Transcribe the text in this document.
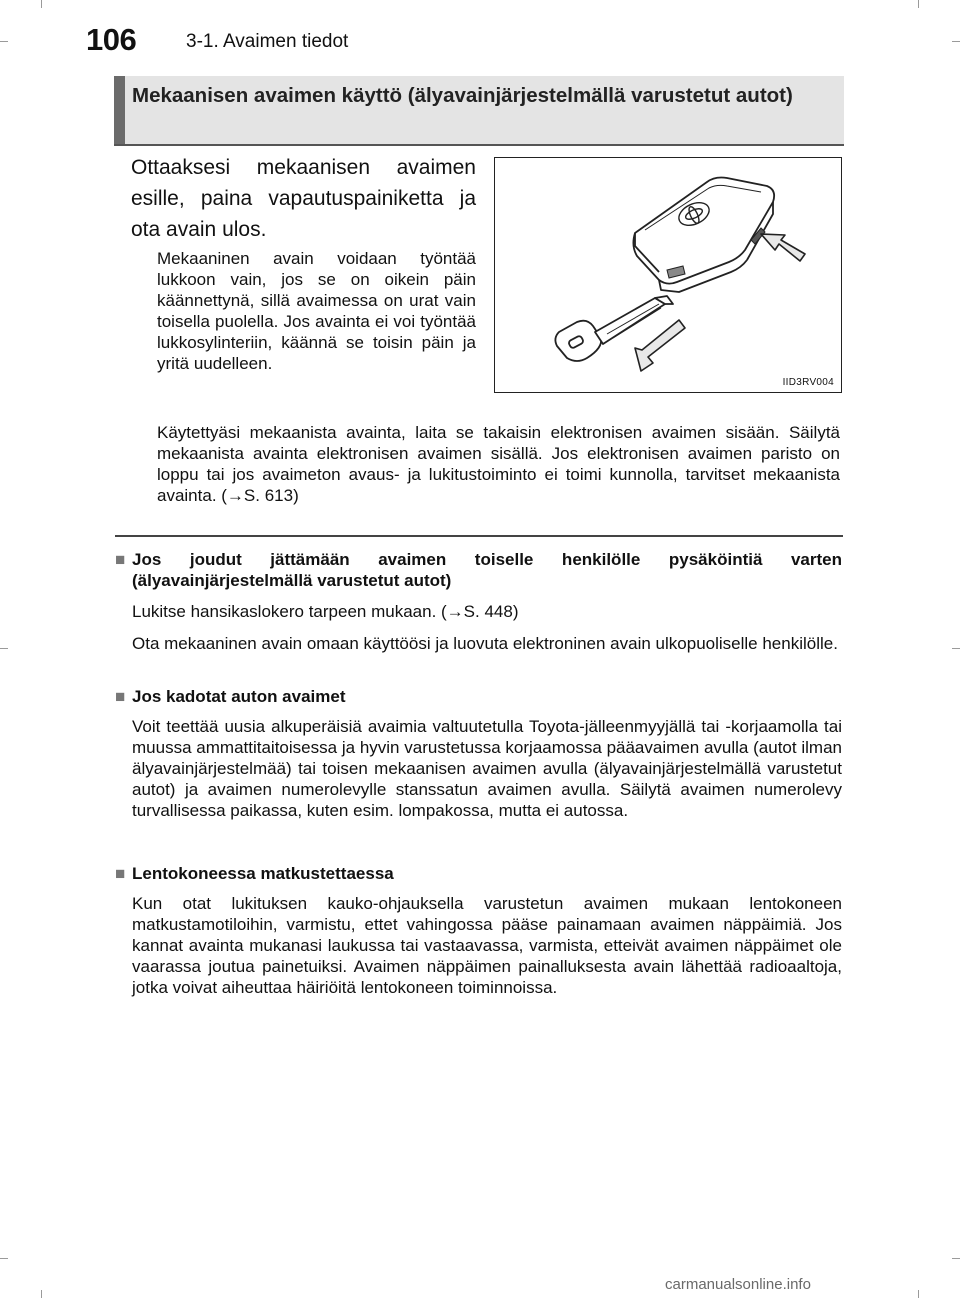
106	3-1. Avaimen tiedot
Mekaanisen avaimen käyttö (älyavainjärjestelmällä varustetut autot)
Ottaaksesi mekaanisen avaimen esille, paina vapautuspainiketta ja ota avain ulos.
Mekaaninen avain voidaan työntää lukkoon vain, jos se on oikein päin käännettynä, sillä avaimessa on urat vain toisella puolella. Jos avainta ei voi työntää lukkosylinteriin, käännä se toisin päin ja yritä uudelleen.
IID3RV004
Käytettyäsi mekaanista avainta, laita se takaisin elektronisen avaimen sisään. Säilytä mekaanista avainta elektronisen avaimen sisällä. Jos elektronisen avaimen paristo on loppu tai jos avaimeton avaus- ja lukitustoiminto ei toimi kunnolla, tarvitset mekaanista avainta. (→S. 613)
■ Jos joudut jättämään avaimen toiselle henkilölle pysäköintiä varten (älyavainjärjestelmällä varustetut autot)
Lukitse hansikaslokero tarpeen mukaan. (→S. 448)
Ota mekaaninen avain omaan käyttöösi ja luovuta elektroninen avain ulkopuoliselle henkilölle.
■ Jos kadotat auton avaimet
Voit teettää uusia alkuperäisiä avaimia valtuutetulla Toyota-jälleenmyyjällä tai -korjaamolla tai muussa ammattitaitoisessa ja hyvin varustetussa korjaamossa pääavaimen avulla (autot ilman älyavainjärjestelmää) tai toisen mekaanisen avaimen avulla (älyavainjärjestelmällä varustetut autot) ja avaimen numerolevylle stanssatun avaimen avulla. Säilytä avaimen numerolevy turvallisessa paikassa, kuten esim. lompakossa, mutta ei autossa.
■ Lentokoneessa matkustettaessa
Kun otat lukituksen kauko-ohjauksella varustetun avaimen mukaan lentokoneen matkustamotiloihin, varmistu, ettet vahingossa pääse painamaan avaimen näppäimiä. Jos kannat avainta mukanasi laukussa tai vastaavassa, varmista, etteivät avaimen näppäimet ole vaarassa joutua painetuiksi. Avaimen näppäimen painalluksesta avain lähettää radioaaltoja, jotka voivat aiheuttaa häiriöitä lentokoneen toiminnoissa.
carmanualsonline.info
